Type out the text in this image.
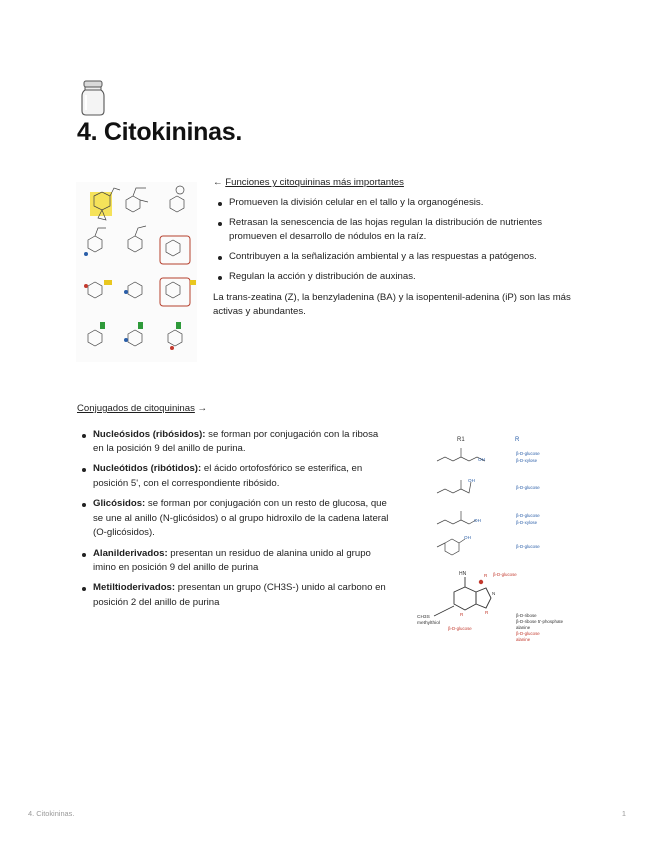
4. Citokininas.
← Funciones y citoquininas más importantes
Promueven la división celular en el tallo y la organogénesis.
Retrasan la senescencia de las hojas regulan la distribución de nutrientes promueven el desarrollo de nódulos en la raíz.
Contribuyen a la señalización ambiental y a las respuestas a patógenos.
Regulan la acción y distribución de auxinas.

La trans-zeatina (Z), la benzyladenina (BA) y la isopentenil-adenina (iP) son las más activas y abundantes.

Conjugados de citoquininas →
Nucleósidos (ribósidos): se forman por conjugación con la ribosa en la posición 9 del anillo de purina.
Nucleótidos (ribótidos): el ácido ortofosfórico se esterifica, en posición 5', con el correspondiente ribósido.
Glicósidos: se forman por conjugación con un resto de glucosa, que se une al anillo (N-glicósidos) o al grupo hidroxilo de la cadena lateral (O-glicósidos).
Alanilderivados: presentan un residuo de alanina unido al grupo imino en posición 9 del anillo de purina
Metiltioderivados: presentan un grupo (CH3S-) unido al carbono en posición 2 del anillo de purina
R1	R
OH
β-D-glucose
β-D-xylose
OH
β-D-glucose
OH
β-D-glucose
β-D-xylose
OH
β-D-glucose
HN	R β-D-glucose
N
R
β-D-ribose
β-D-ribose 5'-phosphate
alanine
β-D-glucose
alanine
R
CH3S
methylthiol
β-D-glucose
4. Citokininas.	1
